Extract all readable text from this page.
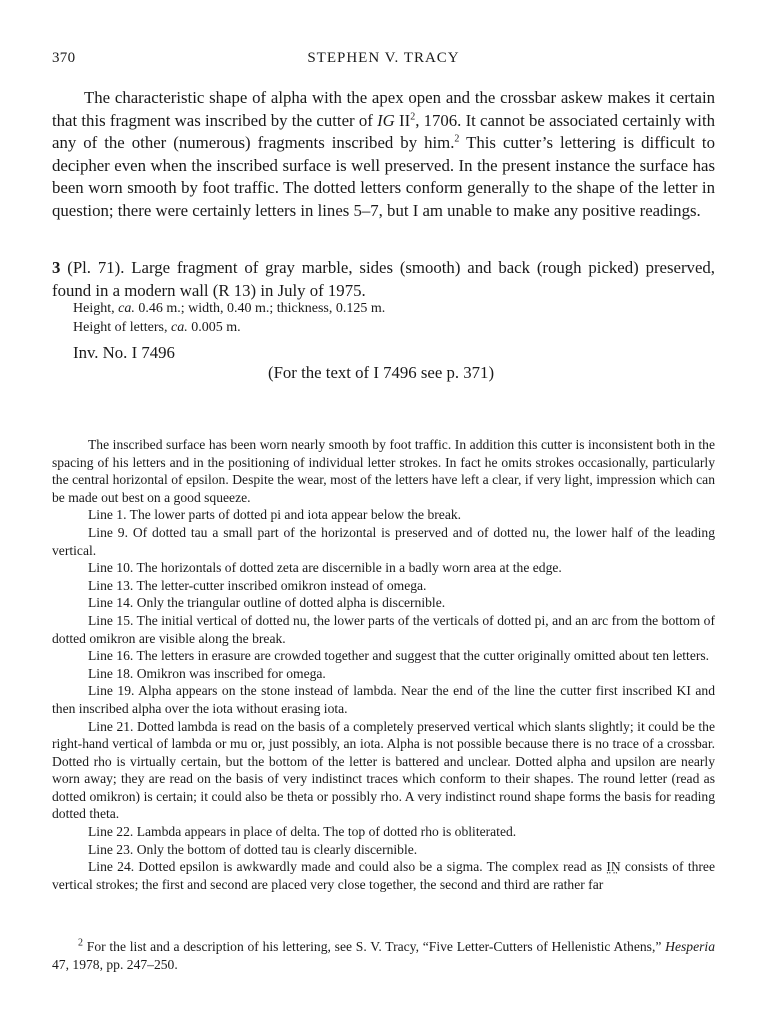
370	STEPHEN V. TRACY

The characteristic shape of alpha with the apex open and the crossbar askew makes it certain that this fragment was inscribed by the cutter of IG $II^2$, 1706. It cannot be associated certainly with any of the other (numerous) fragments inscribed by him.$^2$ This cutter’s lettering is difficult to decipher even when the inscribed surface is well preserved. In the present instance the surface has been worn smooth by foot traffic. The dotted letters conform generally to the shape of the letter in question; there were certainly letters in lines 5–7, but I am unable to make any positive readings.

3 (Pl. 71). Large fragment of gray marble, sides (smooth) and back (rough picked) preserved, found in a modern wall (R 13) in July of 1975.

Height, ca. 0.46 m.; width, 0.40 m.; thickness, 0.125 m.
Height of letters, ca. 0.005 m.
Inv. No. I 7496
(For the text of I 7496 see p. 371)

The inscribed surface has been worn nearly smooth by foot traffic. In addition this cutter is inconsistent both in the spacing of his letters and in the positioning of individual letter strokes. In fact he omits strokes occasionally, particularly the central horizontal of epsilon. Despite the wear, most of the letters have left a clear, if very light, impression which can be made out best on a good squeeze.

Line 1. The lower parts of dotted pi and iota appear below the break.

Line 9. Of dotted tau a small part of the horizontal is preserved and of dotted nu, the lower half of the leading vertical.

Line 10. The horizontals of dotted zeta are discernible in a badly worn area at the edge.

Line 13. The letter-cutter inscribed omikron instead of omega.

Line 14. Only the triangular outline of dotted alpha is discernible.

Line 15. The initial vertical of dotted nu, the lower parts of the verticals of dotted pi, and an arc from the bottom of dotted omikron are visible along the break.

Line 16. The letters in erasure are crowded together and suggest that the cutter originally omitted about ten letters.

Line 18. Omikron was inscribed for omega.

Line 19. Alpha appears on the stone instead of lambda. Near the end of the line the cutter first inscribed KI and then inscribed alpha over the iota without erasing iota.

Line 21. Dotted lambda is read on the basis of a completely preserved vertical which slants slightly; it could be the right-hand vertical of lambda or mu or, just possibly, an iota. Alpha is not possible because there is no trace of a crossbar. Dotted rho is virtually certain, but the bottom of the letter is battered and unclear. Dotted alpha and upsilon are nearly worn away; they are read on the basis of very indistinct traces which conform to their shapes. The round letter (read as dotted omikron) is certain; it could also be theta or possibly rho. A very indistinct round shape forms the basis for reading dotted theta.

Line 22. Lambda appears in place of delta. The top of dotted rho is obliterated.

Line 23. Only the bottom of dotted tau is clearly discernible.

Line 24. Dotted epsilon is awkwardly made and could also be a sigma. The complex read as I̤N̤ consists of three vertical strokes; the first and second are placed very close together, the second and third are rather far

$^2$ For the list and a description of his lettering, see S. V. Tracy, “Five Letter-Cutters of Hellenistic Athens,” Hesperia 47, 1978, pp. 247–250.
